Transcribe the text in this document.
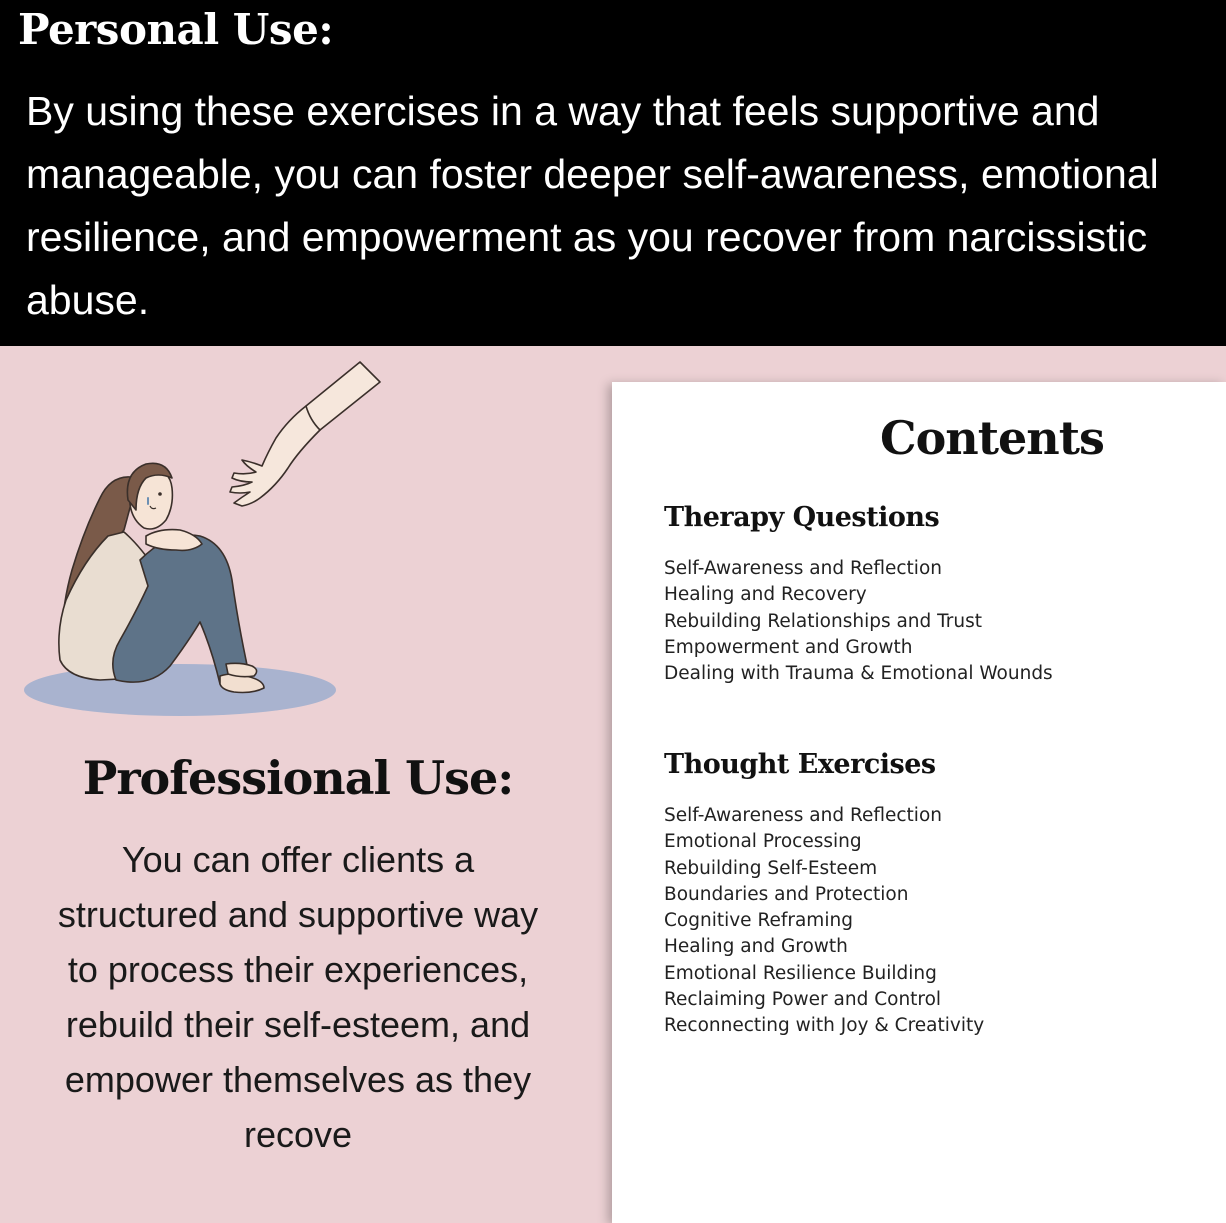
Personal Use:

By using these exercises in a way that feels supportive and manageable, you can foster deeper self-awareness, emotional resilience, and empowerment as you recover from narcissistic abuse.

Professional Use:

You can offer clients a structured and supportive way to process their experiences, rebuild their self-esteem, and empower themselves as they recove

Contents
Therapy Questions
Self-Awareness and Reflection
Healing and Recovery
Rebuilding Relationships and Trust
Empowerment and Growth
Dealing with Trauma & Emotional Wounds
Thought Exercises
Self-Awareness and Reflection
Emotional Processing
Rebuilding Self-Esteem
Boundaries and Protection
Cognitive Reframing
Healing and Growth
Emotional Resilience Building
Reclaiming Power and Control
Reconnecting with Joy & Creativity
